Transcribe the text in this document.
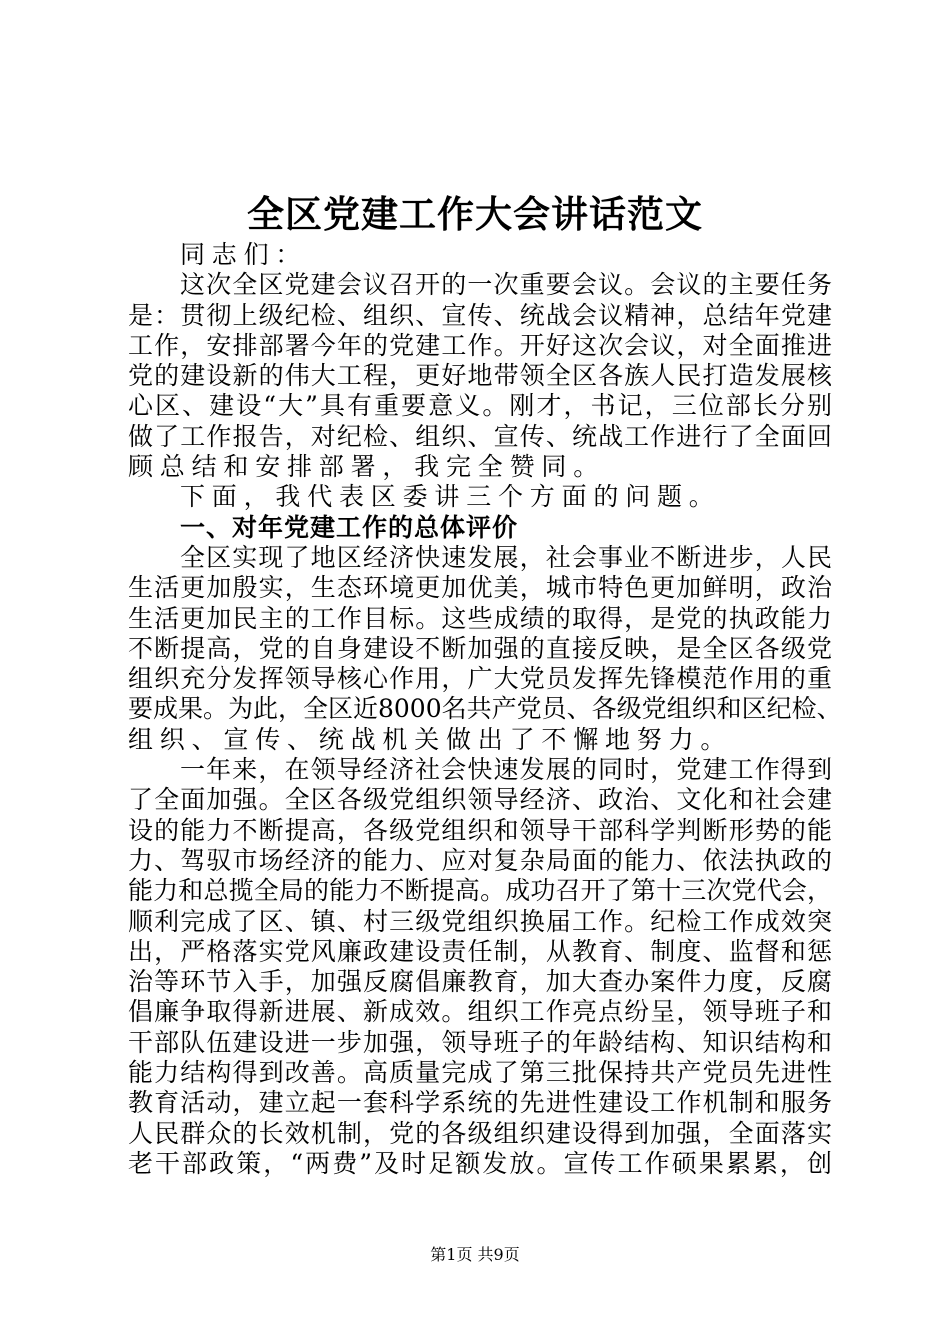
全区党建工作大会讲话范文
同志们：
这次全区党建会议召开的一次重要会议。会议的主要任务
是：贯彻上级纪检、组织、宣传、统战会议精神，总结年党建
工作，安排部署今年的党建工作。开好这次会议，对全面推进
党的建设新的伟大工程，更好地带领全区各族人民打造发展核
心区、建设“大”具有重要意义。刚才，书记，三位部长分别
做了工作报告，对纪检、组织、宣传、统战工作进行了全面回
顾总结和安排部署，我完全赞同。
下面，我代表区委讲三个方面的问题。
一、对年党建工作的总体评价
全区实现了地区经济快速发展，社会事业不断进步，人民
生活更加殷实，生态环境更加优美，城市特色更加鲜明，政治
生活更加民主的工作目标。这些成绩的取得，是党的执政能力
不断提高，党的自身建设不断加强的直接反映，是全区各级党
组织充分发挥领导核心作用，广大党员发挥先锋模范作用的重
要成果。为此，全区近8000名共产党员、各级党组织和区纪检、
组织、宣传、统战机关做出了不懈地努力。
一年来，在领导经济社会快速发展的同时，党建工作得到
了全面加强。全区各级党组织领导经济、政治、文化和社会建
设的能力不断提高，各级党组织和领导干部科学判断形势的能
力、驾驭市场经济的能力、应对复杂局面的能力、依法执政的
能力和总揽全局的能力不断提高。成功召开了第十三次党代会，
顺利完成了区、镇、村三级党组织换届工作。纪检工作成效突
出，严格落实党风廉政建设责任制，从教育、制度、监督和惩
治等环节入手，加强反腐倡廉教育，加大查办案件力度，反腐
倡廉争取得新进展、新成效。组织工作亮点纷呈，领导班子和
干部队伍建设进一步加强，领导班子的年龄结构、知识结构和
能力结构得到改善。高质量完成了第三批保持共产党员先进性
教育活动，建立起一套科学系统的先进性建设工作机制和服务
人民群众的长效机制，党的各级组织建设得到加强，全面落实
老干部政策，“两费”及时足额发放。宣传工作硕果累累，创
第1页 共9页
